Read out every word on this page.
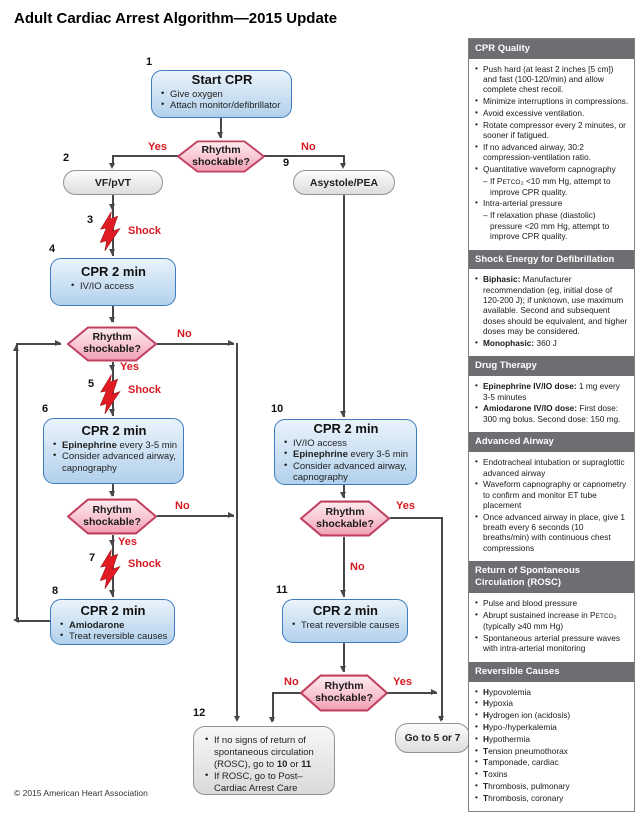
Adult Cardiac Arrest Algorithm—2015 Update
1
Start CPR
• Give oxygen
• Attach monitor/defibrillator
Rhythm shockable?
Yes	No
2
VF/pVT
9
Asystole/PEA
3
Shock
4
CPR 2 min
• IV/IO access
Rhythm shockable?
No
Yes
5	Shock
6
CPR 2 min
• Epinephrine every 3-5 min
• Consider advanced airway, capnography
Rhythm shockable?
No
Yes
7	Shock
8
CPR 2 min
• Amiodarone
• Treat reversible causes
10
CPR 2 min
• IV/IO access
• Epinephrine every 3-5 min
• Consider advanced airway, capnography
Rhythm shockable?
Yes
No
11
CPR 2 min
• Treat reversible causes
Rhythm shockable?
No	Yes
12
• If no signs of return of spontaneous circulation (ROSC), go to 10 or 11
• If ROSC, go to Post–Cardiac Arrest Care
Go to 5 or 7
CPR Quality
• Push hard (at least 2 inches [5 cm]) and fast (100-120/min) and allow complete chest recoil.
• Minimize interruptions in compressions.
• Avoid excessive ventilation.
• Rotate compressor every 2 minutes, or sooner if fatigued.
• If no advanced airway, 30:2 compression-ventilation ratio.
• Quantitative waveform capnography
– If PETCO₂ <10 mm Hg, attempt to improve CPR quality.
• Intra-arterial pressure
– If relaxation phase (diastolic) pressure <20 mm Hg, attempt to improve CPR quality.
Shock Energy for Defibrillation
• Biphasic: Manufacturer recommendation (eg, initial dose of 120-200 J); if unknown, use maximum available. Second and subsequent doses should be equivalent, and higher doses may be considered.
• Monophasic: 360 J
Drug Therapy
• Epinephrine IV/IO dose: 1 mg every 3-5 minutes
• Amiodarone IV/IO dose: First dose: 300 mg bolus. Second dose: 150 mg.
Advanced Airway
• Endotracheal intubation or supraglottic advanced airway
• Waveform capnography or capnometry to confirm and monitor ET tube placement
• Once advanced airway in place, give 1 breath every 6 seconds (10 breaths/min) with continuous chest compressions
Return of Spontaneous Circulation (ROSC)
• Pulse and blood pressure
• Abrupt sustained increase in PETCO₂ (typically ≥40 mm Hg)
• Spontaneous arterial pressure waves with intra-arterial monitoring
Reversible Causes
• Hypovolemia
• Hypoxia
• Hydrogen ion (acidosis)
• Hypo-/hyperkalemia
• Hypothermia
• Tension pneumothorax
• Tamponade, cardiac
• Toxins
• Thrombosis, pulmonary
• Thrombosis, coronary
© 2015 American Heart Association
